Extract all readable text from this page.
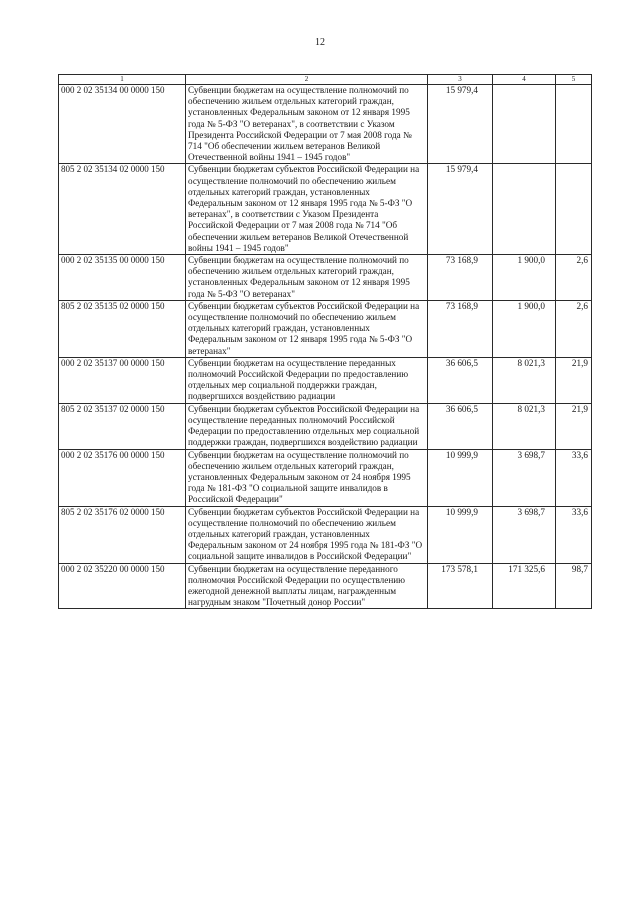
12
1	2	3	4	5
000 2 02 35134 00 0000 150	Субвенции бюджетам на осуществление полномочий по обеспечению жильем отдельных категорий граждан, установленных Федеральным законом от 12 января 1995 года № 5-ФЗ "О ветеранах", в соответствии с Указом Президента Российской Федерации от 7 мая 2008 года № 714 "Об обеспечении жильем ветеранов Великой Отечественной войны 1941 – 1945 годов"	15 979,4		
805 2 02 35134 02 0000 150	Субвенции бюджетам субъектов Российской Федерации на осуществление полномочий по обеспечению жильем отдельных категорий граждан, установленных Федеральным законом от 12 января 1995 года № 5-ФЗ "О ветеранах", в соответствии с Указом Президента Российской Федерации от 7 мая 2008 года № 714 "Об обеспечении жильем ветеранов Великой Отечественной войны 1941 – 1945 годов"	15 979,4		
000 2 02 35135 00 0000 150	Субвенции бюджетам на осуществление полномочий по обеспечению жильем отдельных категорий граждан, установленных Федеральным законом от 12 января 1995 года № 5-ФЗ "О ветеранах"	73 168,9	1 900,0	2,6
805 2 02 35135 02 0000 150	Субвенции бюджетам субъектов Российской Федерации на осуществление полномочий по обеспечению жильем отдельных категорий граждан, установленных Федеральным законом от 12 января 1995 года № 5-ФЗ "О ветеранах"	73 168,9	1 900,0	2,6
000 2 02 35137 00 0000 150	Субвенции бюджетам на осуществление переданных полномочий Российской Федерации по предоставлению отдельных мер социальной поддержки граждан, подвергшихся воздействию радиации	36 606,5	8 021,3	21,9
805 2 02 35137 02 0000 150	Субвенции бюджетам субъектов Российской Федерации на осуществление переданных полномочий Российской Федерации по предоставлению отдельных мер социальной поддержки граждан, подвергшихся воздействию радиации	36 606,5	8 021,3	21,9
000 2 02 35176 00 0000 150	Субвенции бюджетам на осуществление полномочий по обеспечению жильем отдельных категорий граждан, установленных Федеральным законом от 24 ноября 1995 года № 181-ФЗ "О социальной защите инвалидов в Российской Федерации"	10 999,9	3 698,7	33,6
805 2 02 35176 02 0000 150	Субвенции бюджетам субъектов Российской Федерации на осуществление полномочий по обеспечению жильем отдельных категорий граждан, установленных Федеральным законом от 24 ноября 1995 года № 181-ФЗ "О социальной защите инвалидов в Российской Федерации"	10 999,9	3 698,7	33,6
000 2 02 35220 00 0000 150	Субвенции бюджетам на осуществление переданного полномочия Российской Федерации по осуществлению ежегодной денежной выплаты лицам, награжденным нагрудным знаком "Почетный донор России"	173 578,1	171 325,6	98,7
